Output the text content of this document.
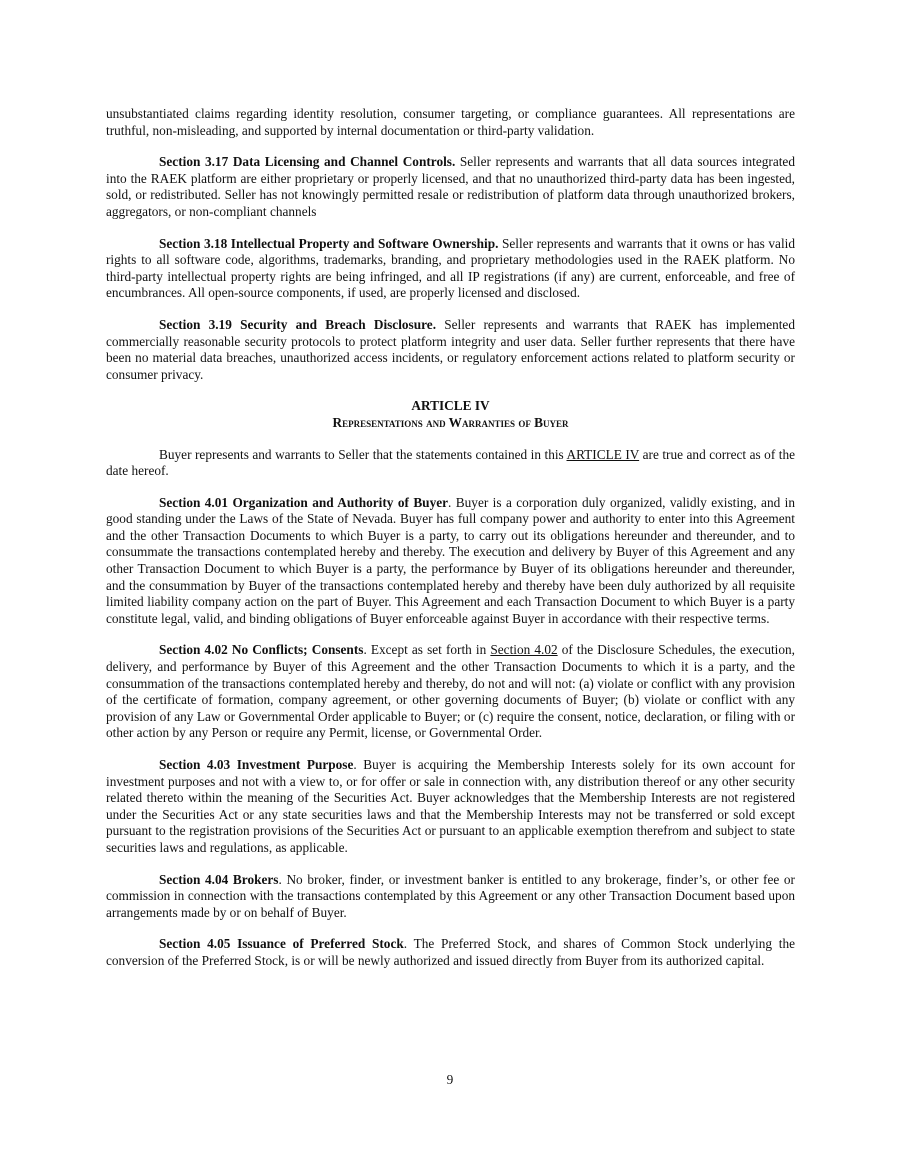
unsubstantiated claims regarding identity resolution, consumer targeting, or compliance guarantees. All representations are truthful, non-misleading, and supported by internal documentation or third-party validation.

Section 3.17 Data Licensing and Channel Controls. Seller represents and warrants that all data sources integrated into the RAEK platform are either proprietary or properly licensed, and that no unauthorized third-party data has been ingested, sold, or redistributed. Seller has not knowingly permitted resale or redistribution of platform data through unauthorized brokers, aggregators, or non-compliant channels

Section 3.18 Intellectual Property and Software Ownership. Seller represents and warrants that it owns or has valid rights to all software code, algorithms, trademarks, branding, and proprietary methodologies used in the RAEK platform. No third-party intellectual property rights are being infringed, and all IP registrations (if any) are current, enforceable, and free of encumbrances. All open-source components, if used, are properly licensed and disclosed.

Section 3.19 Security and Breach Disclosure. Seller represents and warrants that RAEK has implemented commercially reasonable security protocols to protect platform integrity and user data. Seller further represents that there have been no material data breaches, unauthorized access incidents, or regulatory enforcement actions related to platform security or consumer privacy.

ARTICLE IV
Representations and Warranties of Buyer

Buyer represents and warrants to Seller that the statements contained in this ARTICLE IV are true and correct as of the date hereof.

Section 4.01 Organization and Authority of Buyer. Buyer is a corporation duly organized, validly existing, and in good standing under the Laws of the State of Nevada. Buyer has full company power and authority to enter into this Agreement and the other Transaction Documents to which Buyer is a party, to carry out its obligations hereunder and thereunder, and to consummate the transactions contemplated hereby and thereby. The execution and delivery by Buyer of this Agreement and any other Transaction Document to which Buyer is a party, the performance by Buyer of its obligations hereunder and thereunder, and the consummation by Buyer of the transactions contemplated hereby and thereby have been duly authorized by all requisite limited liability company action on the part of Buyer. This Agreement and each Transaction Document to which Buyer is a party constitute legal, valid, and binding obligations of Buyer enforceable against Buyer in accordance with their respective terms.

Section 4.02 No Conflicts; Consents. Except as set forth in Section 4.02 of the Disclosure Schedules, the execution, delivery, and performance by Buyer of this Agreement and the other Transaction Documents to which it is a party, and the consummation of the transactions contemplated hereby and thereby, do not and will not: (a) violate or conflict with any provision of the certificate of formation, company agreement, or other governing documents of Buyer; (b) violate or conflict with any provision of any Law or Governmental Order applicable to Buyer; or (c) require the consent, notice, declaration, or filing with or other action by any Person or require any Permit, license, or Governmental Order.

Section 4.03 Investment Purpose. Buyer is acquiring the Membership Interests solely for its own account for investment purposes and not with a view to, or for offer or sale in connection with, any distribution thereof or any other security related thereto within the meaning of the Securities Act. Buyer acknowledges that the Membership Interests are not registered under the Securities Act or any state securities laws and that the Membership Interests may not be transferred or sold except pursuant to the registration provisions of the Securities Act or pursuant to an applicable exemption therefrom and subject to state securities laws and regulations, as applicable.

Section 4.04 Brokers. No broker, finder, or investment banker is entitled to any brokerage, finder’s, or other fee or commission in connection with the transactions contemplated by this Agreement or any other Transaction Document based upon arrangements made by or on behalf of Buyer.

Section 4.05 Issuance of Preferred Stock. The Preferred Stock, and shares of Common Stock underlying the conversion of the Preferred Stock, is or will be newly authorized and issued directly from Buyer from its authorized capital.

9
